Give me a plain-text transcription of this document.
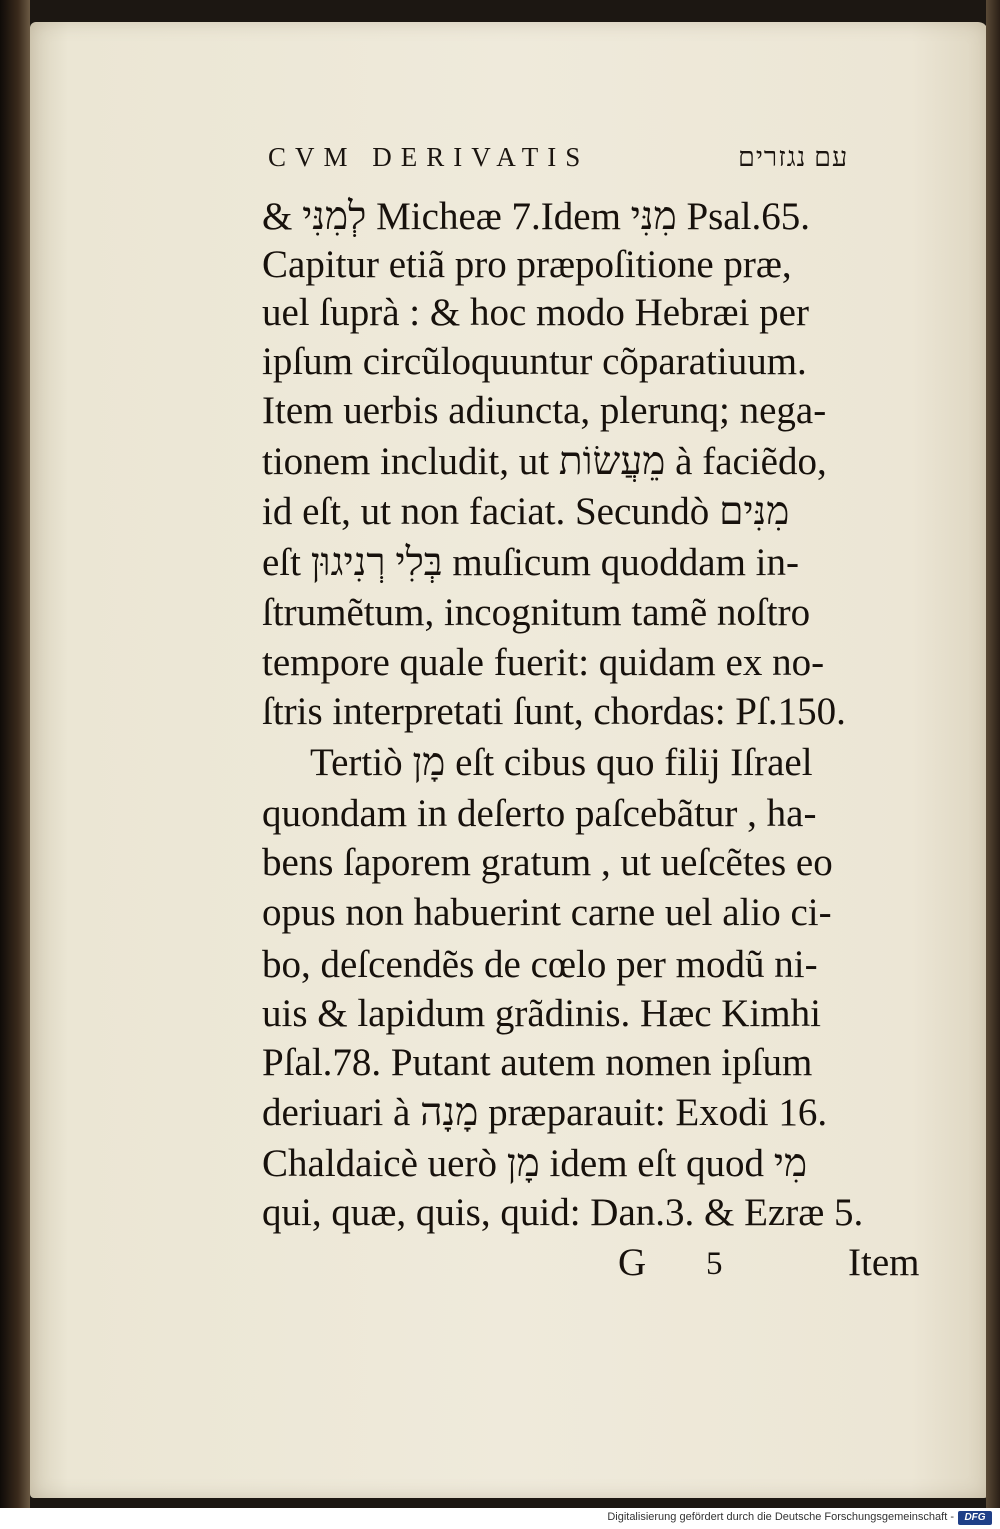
CVM DERIVATIS	עם נגזרים
& לְמִנִּי Micheæ 7.Idem מִנִּי Psal.65.
Capitur etiã pro præpoſitione præ,
uel ſuprà : & hoc modo Hebræi per
ipſum circũloquuntur cõparatiuum.
Item uerbis adiuncta, plerunq; nega-
tionem includit, ut מֵעֲשׂוֹת à faciẽdo,
id eſt, ut non faciat. Secundò מִנִּים
eſt בְּלִי רְנִיגוּן muſicum quoddam in-
ſtrumẽtum, incognitum tamẽ noſtro
tempore quale fuerit: quidam ex no-
ſtris interpretati ſunt, chordas: Pſ.150.
Tertiò מָן eſt cibus quo filij Iſrael
quondam in deſerto paſcebãtur , ha-
bens ſaporem gratum , ut ueſcẽtes eo
opus non habuerint carne uel alio ci-
bo, deſcendẽs de cœlo per modũ ni-
uis & lapidum grãdinis. Hæc Kimhi
Pſal.78. Putant autem nomen ipſum
deriuari à מָנָה præparauit: Exodi 16.
Chaldaicè uerò מָן idem eſt quod מִי
qui, quæ, quis, quid: Dan.3. & Ezræ 5.
G 5	Item
Digitalisierung gefördert durch die Deutsche Forschungsgemeinschaft -	DFG
